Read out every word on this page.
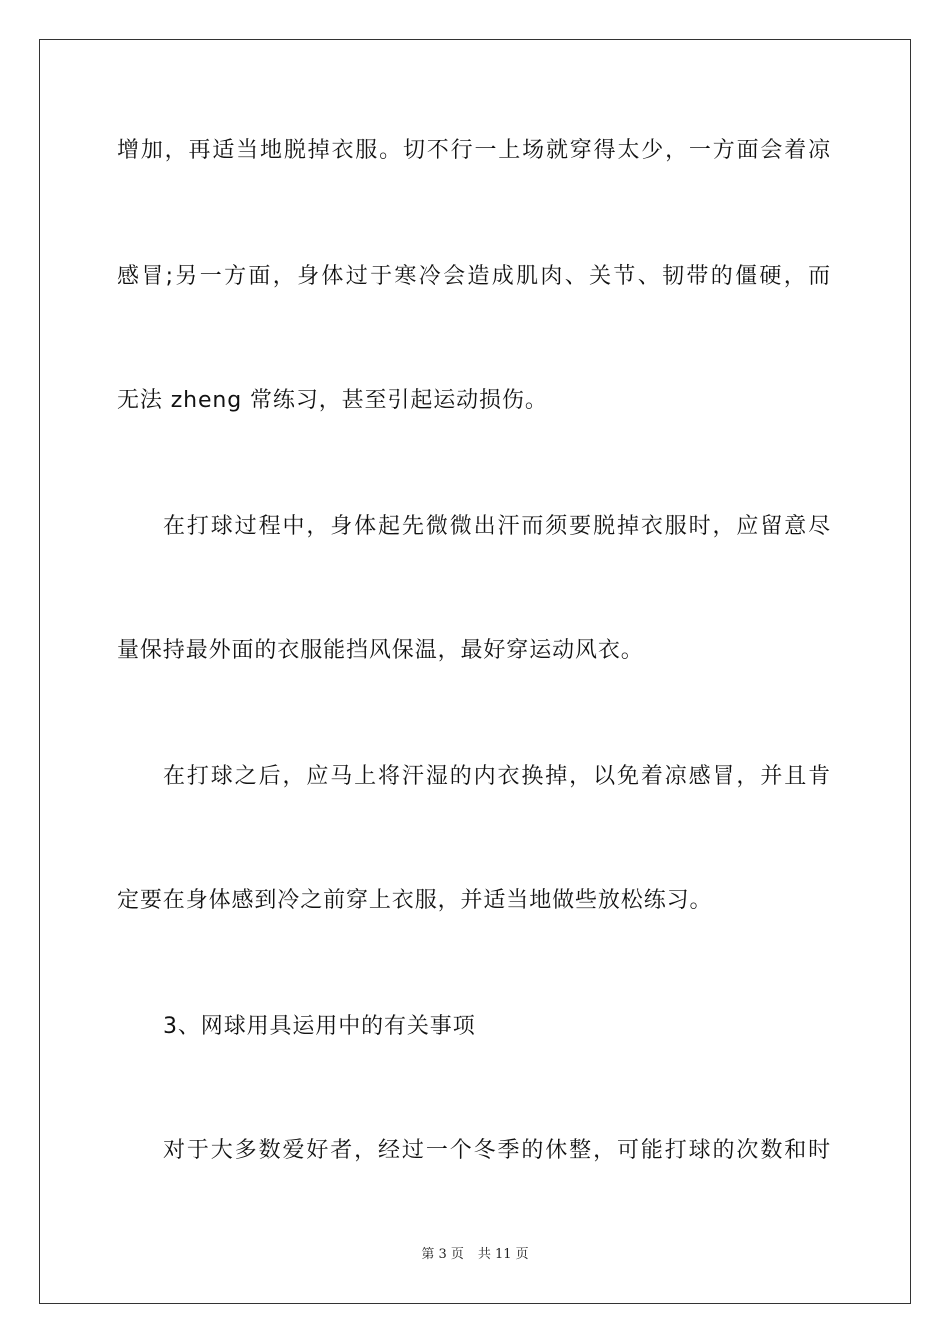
增加，再适当地脱掉衣服。切不行一上场就穿得太少，一方面会着凉
感冒;另一方面，身体过于寒冷会造成肌肉、关节、韧带的僵硬，而
无法 zheng 常练习，甚至引起运动损伤。
在打球过程中，身体起先微微出汗而须要脱掉衣服时，应留意尽
量保持最外面的衣服能挡风保温，最好穿运动风衣。
在打球之后，应马上将汗湿的内衣换掉，以免着凉感冒，并且肯
定要在身体感到冷之前穿上衣服，并适当地做些放松练习。
3、网球用具运用中的有关事项
对于大多数爱好者，经过一个冬季的休整，可能打球的次数和时
第 3 页 共 11 页
